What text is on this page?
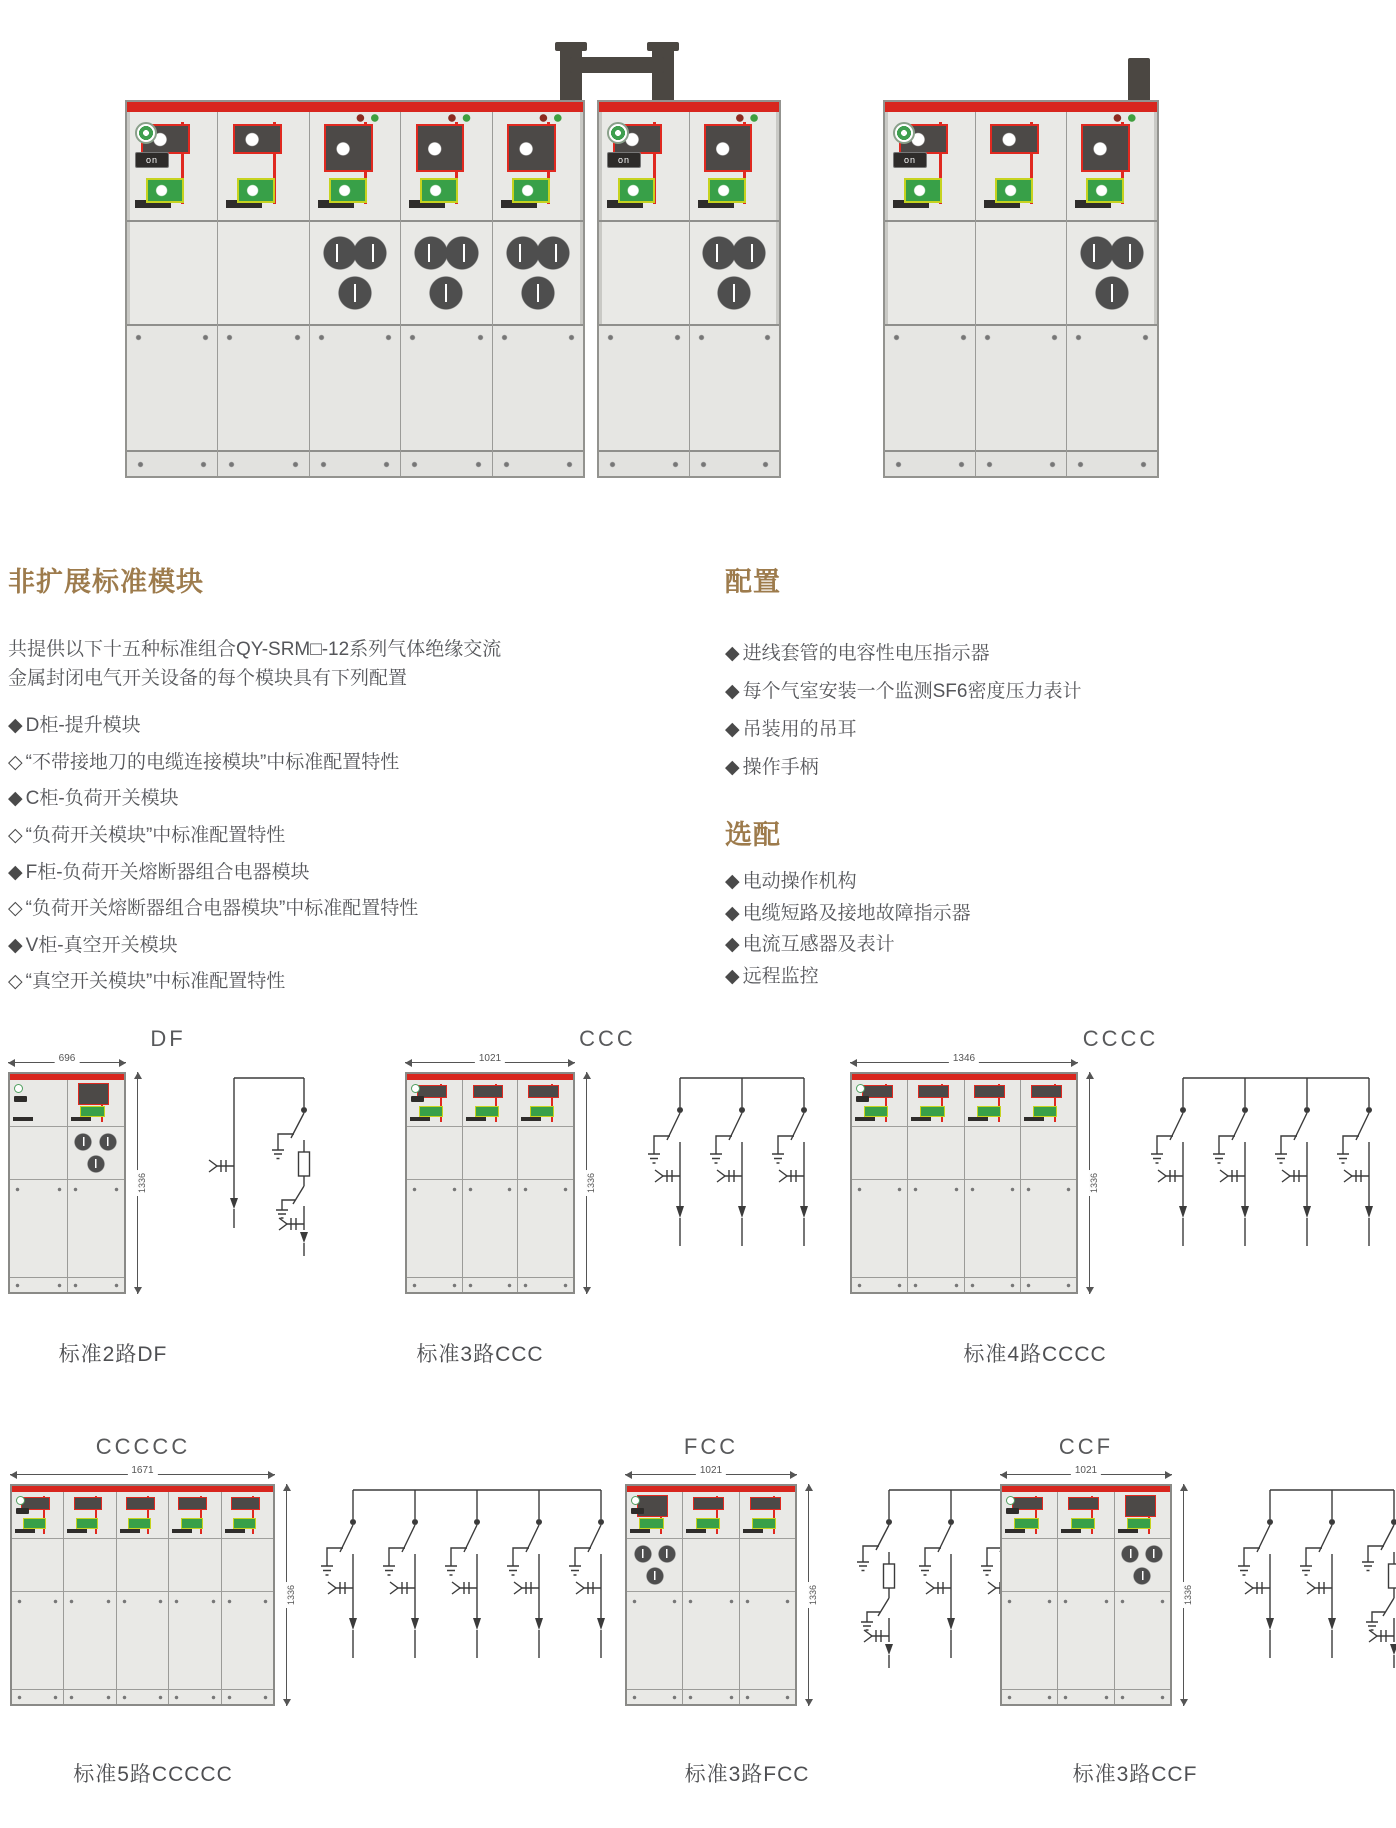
on	on	on
非扩展标准模块

共提供以下十五种标准组合QY-SRM□-12系列气体绝缘交流金属封闭电气开关设备的每个模块具有下列配置

◆ D柜-提升模块
◇ “不带接地刀的电缆连接模块”中标准配置特性
◆ C柜-负荷开关模块
◇ “负荷开关模块”中标准配置特性
◆ F柜-负荷开关熔断器组合电器模块
◇ “负荷开关熔断器组合电器模块”中标准配置特性
◆ V柜-真空开关模块
◇ “真空开关模块”中标准配置特性
配置
◆ 进线套管的电容性电压指示器
◆ 每个气室安装一个监测SF6密度压力表计
◆ 吊装用的吊耳
◆ 操作手柄
选配
◆ 电动操作机构
◆ 电缆短路及接地故障指示器
◆ 电流互感器及表计
◆ 远程监控
DF
696
1336
标准2路DF
CCC
1021
1336
标准3路CCC
CCCC
1346
1336
标准4路CCCC
CCCCC
1671
1336
标准5路CCCCC
FCC
1021
1336
标准3路FCC
CCF
1021
1336
标准3路CCF
